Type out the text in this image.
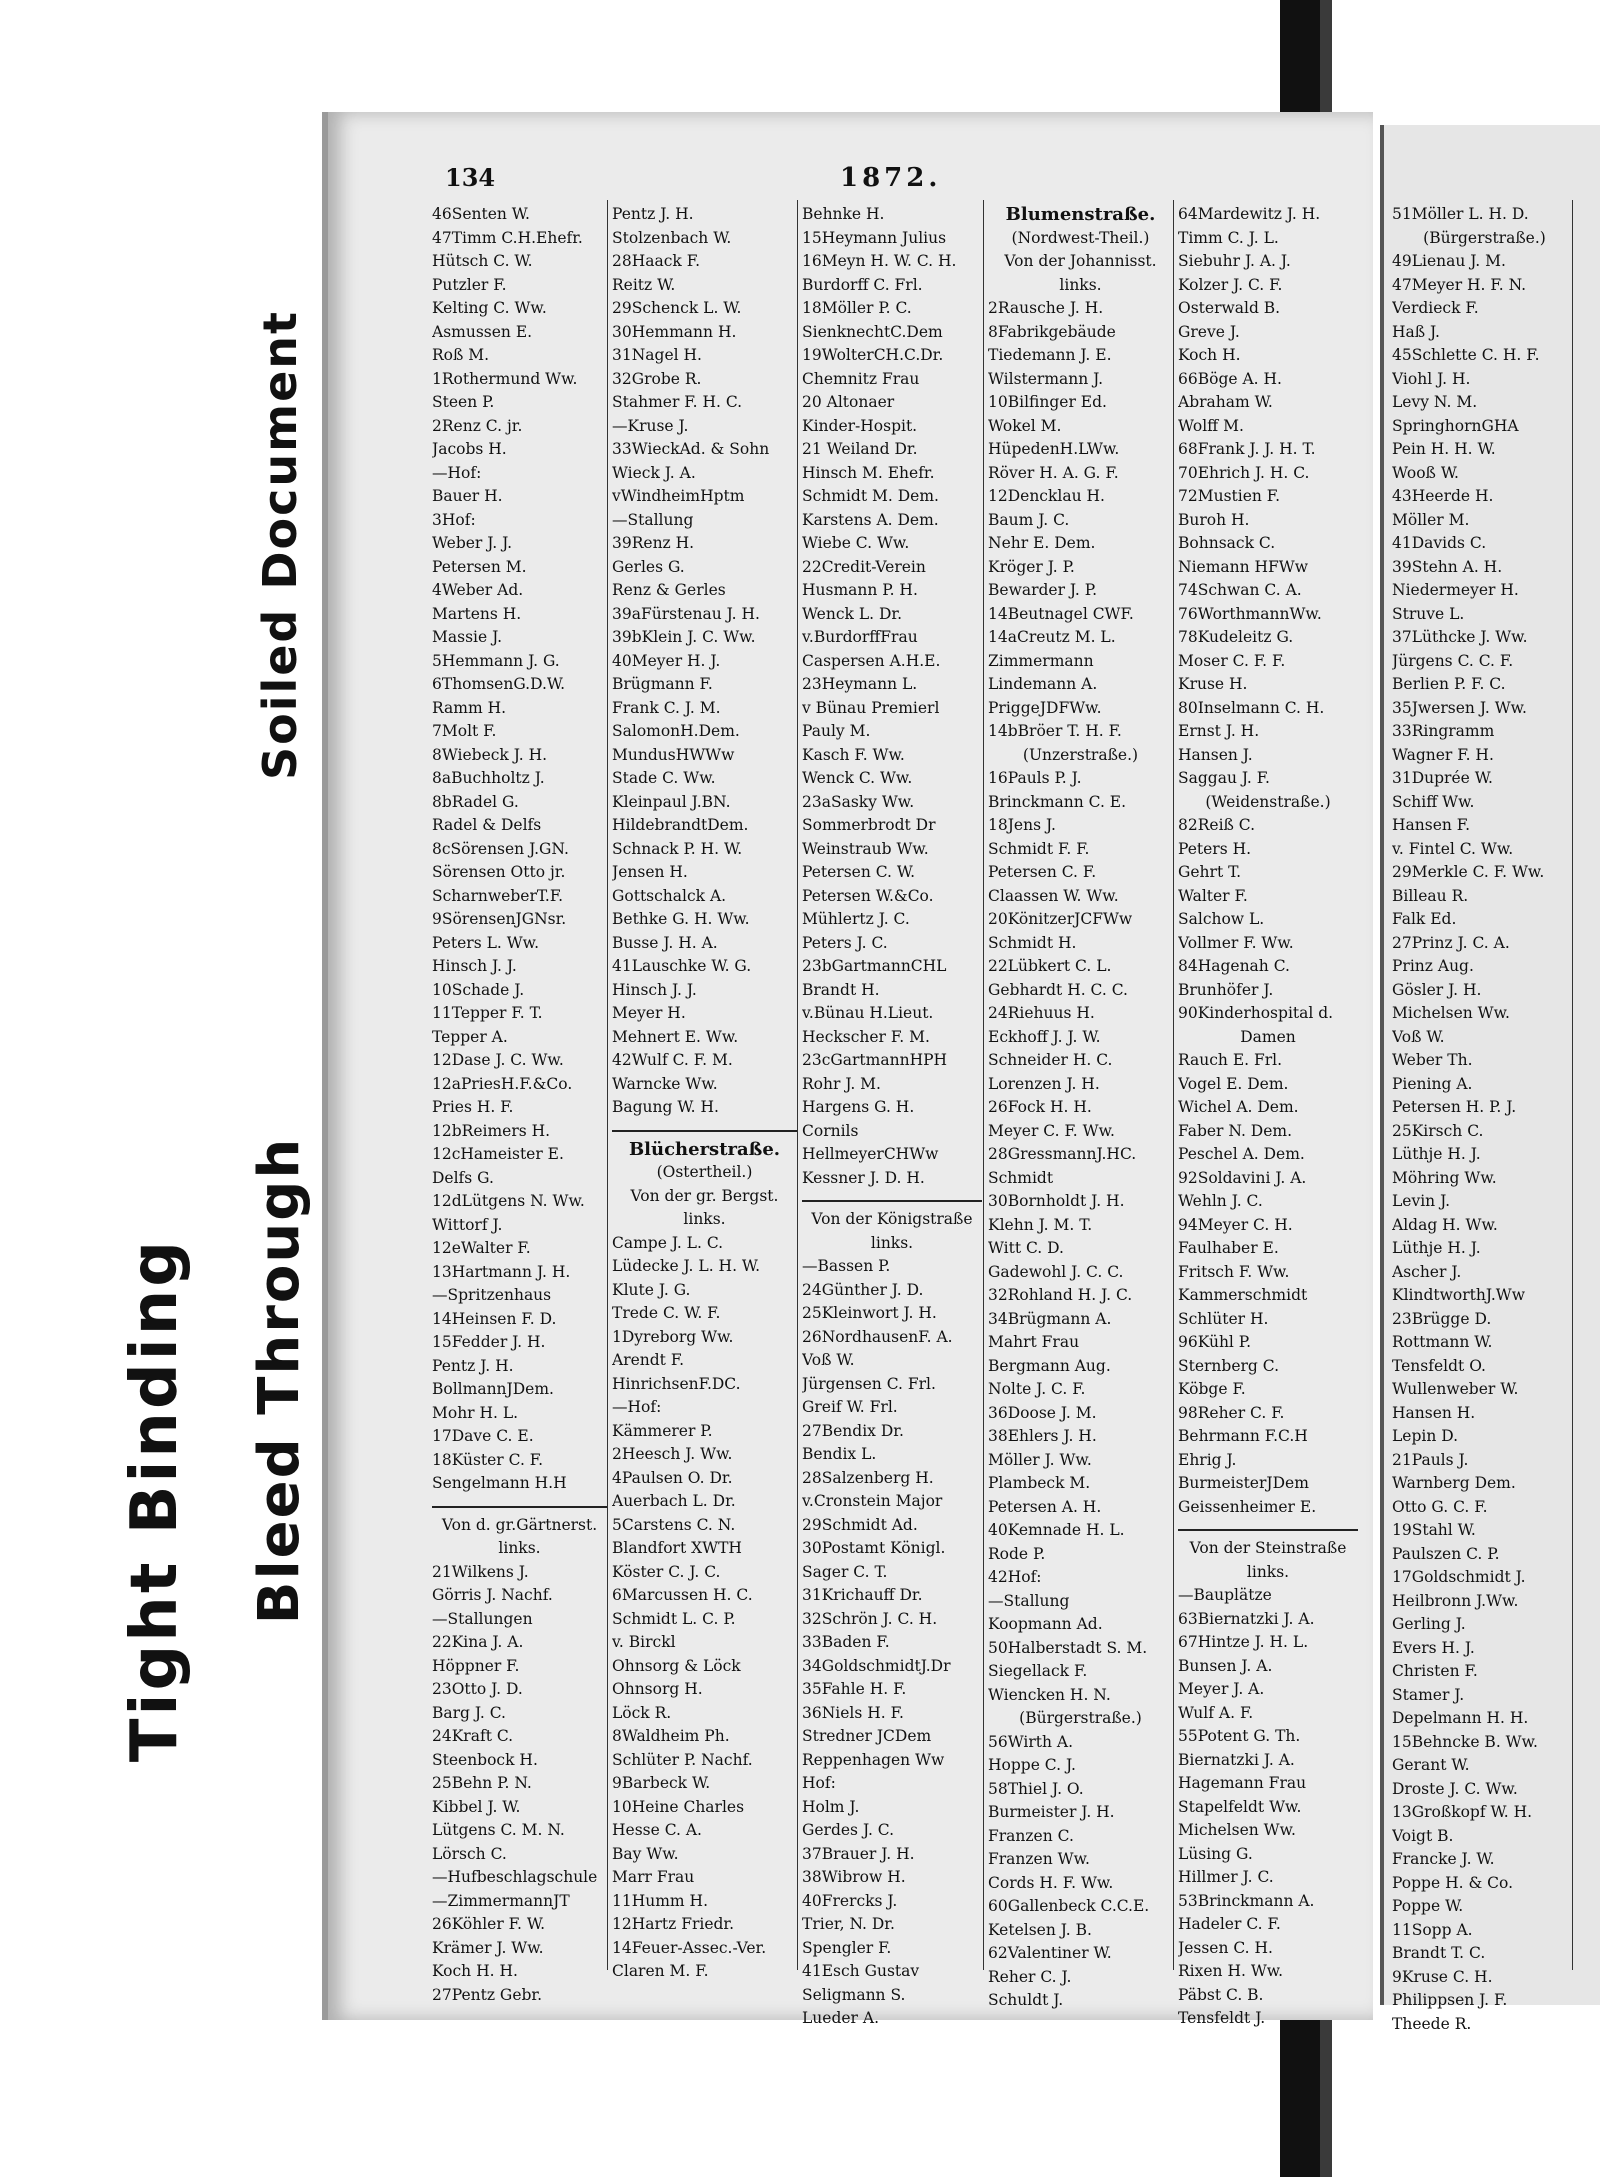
Soiled Document
Tight Binding Bleed Through
134	1872.
46Senten W.
47Timm C.H.Ehefr.
Hütsch C. W.
Putzler F.
Kelting C. Ww.
Asmussen E.
Roß M.
1Rothermund Ww.
Steen P.
2Renz C. jr.
Jacobs H.
—Hof:
Bauer H.
3Hof:
Weber J. J.
Petersen M.
4Weber Ad.
Martens H.
Massie J.
5Hemmann J. G.
6ThomsenG.D.W.
Ramm H.
7Molt F.
8Wiebeck J. H.
8aBuchholtz J.
8bRadel G.
Radel & Delfs
8cSörensen J.GN.
Sörensen Otto jr.
ScharnweberT.F.
9SörensenJGNsr.
Peters L. Ww.
Hinsch J. J.
10Schade J.
11Tepper F. T.
Tepper A.
12Dase J. C. Ww.
12aPriesH.F.&Co.
Pries H. F.
12bReimers H.
12cHameister E.
Delfs G.
12dLütgens N. Ww.
Wittorf J.
12eWalter F.
13Hartmann J. H.
—Spritzenhaus
14Heinsen F. D.
15Fedder J. H.
Pentz J. H.
BollmannJDem.
Mohr H. L.
17Dave C. E.
18Küster C. F.
Sengelmann H.H
Von d. gr.Gärtnerst.
links.
21Wilkens J.
Görris J. Nachf.
—Stallungen
22Kina J. A.
Höppner F.
23Otto J. D.
Barg J. C.
24Kraft C.
Steenbock H.
25Behn P. N.
Kibbel J. W.
Lütgens C. M. N.
Lörsch C.
—Hufbeschlagschule
—ZimmermannJT
26Köhler F. W.
Krämer J. Ww.
Koch H. H.
27Pentz Gebr.
Pentz J. H.
Stolzenbach W.
28Haack F.
Reitz W.
29Schenck L. W.
30Hemmann H.
31Nagel H.
32Grobe R.
Stahmer F. H. C.
—Kruse J.
33WieckAd. & Sohn
Wieck J. A.
vWindheimHptm
—Stallung
39Renz H.
Gerles G.
Renz & Gerles
39aFürstenau J. H.
39bKlein J. C. Ww.
40Meyer H. J.
Brügmann F.
Frank C. J. M.
SalomonH.Dem.
MundusHWWw
Stade C. Ww.
Kleinpaul J.BN.
HildebrandtDem.
Schnack P. H. W.
Jensen H.
Gottschalck A.
Bethke G. H. Ww.
Busse J. H. A.
41Lauschke W. G.
Hinsch J. J.
Meyer H.
Mehnert E. Ww.
42Wulf C. F. M.
Warncke Ww.
Bagung W. H.
Blücherstraße.
(Ostertheil.)
Von der gr. Bergst.
links.
Campe J. L. C.
Lüdecke J. L. H. W.
Klute J. G.
Trede C. W. F.
1Dyreborg Ww.
Arendt F.
HinrichsenF.DC.
—Hof:
Kämmerer P.
2Heesch J. Ww.
4Paulsen O. Dr.
Auerbach L. Dr.
5Carstens C. N.
Blandfort XWTH
Köster C. J. C.
6Marcussen H. C.
Schmidt L. C. P.
v. Birckl
Ohnsorg & Löck
Ohnsorg H.
Löck R.
8Waldheim Ph.
Schlüter P. Nachf.
9Barbeck W.
10Heine Charles
Hesse C. A.
Bay Ww.
Marr Frau
11Humm H.
12Hartz Friedr.
14Feuer-Assec.-Ver.
Claren M. F.
Behnke H.
15Heymann Julius
16Meyn H. W. C. H.
Burdorff C. Frl.
18Möller P. C.
SienknechtC.Dem
19WolterCH.C.Dr.
Chemnitz Frau
20 Altonaer
Kinder-Hospit.
21 Weiland Dr.
Hinsch M. Ehefr.
Schmidt M. Dem.
Karstens A. Dem.
Wiebe C. Ww.
22Credit-Verein
Husmann P. H.
Wenck L. Dr.
v.BurdorffFrau
Caspersen A.H.E.
23Heymann L.
v Bünau Premierl
Pauly M.
Kasch F. Ww.
Wenck C. Ww.
23aSasky Ww.
Sommerbrodt Dr
Weinstraub Ww.
Petersen C. W.
Petersen W.&Co.
Mühlertz J. C.
Peters J. C.
23bGartmannCHL
Brandt H.
v.Bünau H.Lieut.
Heckscher F. M.
23cGartmannHPH
Rohr J. M.
Hargens G. H.
Cornils
HellmeyerCHWw
Kessner J. D. H.
Von der Königstraße
links.
—Bassen P.
24Günther J. D.
25Kleinwort J. H.
26NordhausenF. A.
Voß W.
Jürgensen C. Frl.
Greif W. Frl.
27Bendix Dr.
Bendix L.
28Salzenberg H.
v.Cronstein Major
29Schmidt Ad.
30Postamt Königl.
Sager C. T.
31Krichauff Dr.
32Schrön J. C. H.
33Baden F.
34GoldschmidtJ.Dr
35Fahle H. F.
36Niels H. F.
Stredner JCDem
Reppenhagen Ww
Hof:
Holm J.
Gerdes J. C.
37Brauer J. H.
38Wibrow H.
40Frercks J.
Trier, N. Dr.
Spengler F.
41Esch Gustav
Seligmann S.
Lueder A.
Blumenstraße.
(Nordwest-Theil.)
Von der Johannisst.
links.
2Rausche J. H.
8Fabrikgebäude
Tiedemann J. E.
Wilstermann J.
10Bilfinger Ed.
Wokel M.
HüpedenH.LWw.
Röver H. A. G. F.
12Dencklau H.
Baum J. C.
Nehr E. Dem.
Kröger J. P.
Bewarder J. P.
14Beutnagel CWF.
14aCreutz M. L.
Zimmermann
Lindemann A.
PriggeJDFWw.
14bBröer T. H. F.
(Unzerstraße.)
16Pauls P. J.
Brinckmann C. E.
18Jens J.
Schmidt F. F.
Petersen C. F.
Claassen W. Ww.
20KönitzerJCFWw
Schmidt H.
22Lübkert C. L.
Gebhardt H. C. C.
24Riehuus H.
Eckhoff J. J. W.
Schneider H. C.
Lorenzen J. H.
26Fock H. H.
Meyer C. F. Ww.
28GressmannJ.HC.
Schmidt
30Bornholdt J. H.
Klehn J. M. T.
Witt C. D.
Gadewohl J. C. C.
32Rohland H. J. C.
34Brügmann A.
Mahrt Frau
Bergmann Aug.
Nolte J. C. F.
36Doose J. M.
38Ehlers J. H.
Möller J. Ww.
Plambeck M.
Petersen A. H.
40Kemnade H. L.
Rode P.
42Hof:
—Stallung
Koopmann Ad.
50Halberstadt S. M.
Siegellack F.
Wiencken H. N.
(Bürgerstraße.)
56Wirth A.
Hoppe C. J.
58Thiel J. O.
Burmeister J. H.
Franzen C.
Franzen Ww.
Cords H. F. Ww.
60Gallenbeck C.C.E.
Ketelsen J. B.
62Valentiner W.
Reher C. J.
Schuldt J.
64Mardewitz J. H.
Timm C. J. L.
Siebuhr J. A. J.
Kolzer J. C. F.
Osterwald B.
Greve J.
Koch H.
66Böge A. H.
Abraham W.
Wolff M.
68Frank J. J. H. T.
70Ehrich J. H. C.
72Mustien F.
Buroh H.
Bohnsack C.
Niemann HFWw
74Schwan C. A.
76WorthmannWw.
78Kudeleitz G.
Moser C. F. F.
Kruse H.
80Inselmann C. H.
Ernst J. H.
Hansen J.
Saggau J. F.
(Weidenstraße.)
82Reiß C.
Peters H.
Gehrt T.
Walter F.
Salchow L.
Vollmer F. Ww.
84Hagenah C.
Brunhöfer J.
90Kinderhospital d.
Damen
Rauch E. Frl.
Vogel E. Dem.
Wichel A. Dem.
Faber N. Dem.
Peschel A. Dem.
92Soldavini J. A.
Wehln J. C.
94Meyer C. H.
Faulhaber E.
Fritsch F. Ww.
Kammerschmidt
Schlüter H.
96Kühl P.
Sternberg C.
Köbge F.
98Reher C. F.
Behrmann F.C.H
Ehrig J.
BurmeisterJDem
Geissenheimer E.
Von der Steinstraße
links.
—Bauplätze
63Biernatzki J. A.
67Hintze J. H. L.
Bunsen J. A.
Meyer J. A.
Wulf A. F.
55Potent G. Th.
Biernatzki J. A.
Hagemann Frau
Stapelfeldt Ww.
Michelsen Ww.
Lüsing G.
Hillmer J. C.
53Brinckmann A.
Hadeler C. F.
Jessen C. H.
Rixen H. Ww.
Päbst C. B.
Tensfeldt J.
51Möller L. H. D.
(Bürgerstraße.)
49Lienau J. M.
47Meyer H. F. N.
Verdieck F.
Haß J.
45Schlette C. H. F.
Viohl J. H.
Levy N. M.
SpringhornGHA
Pein H. H. W.
Wooß W.
43Heerde H.
Möller M.
41Davids C.
39Stehn A. H.
Niedermeyer H.
Struve L.
37Lüthcke J. Ww.
Jürgens C. C. F.
Berlien P. F. C.
35Jwersen J. Ww.
33Ringramm
Wagner F. H.
31Duprée W.
Schiff Ww.
Hansen F.
v. Fintel C. Ww.
29Merkle C. F. Ww.
Billeau R.
Falk Ed.
27Prinz J. C. A.
Prinz Aug.
Gösler J. H.
Michelsen Ww.
Voß W.
Weber Th.
Piening A.
Petersen H. P. J.
25Kirsch C.
Lüthje H. J.
Möhring Ww.
Levin J.
Aldag H. Ww.
Lüthje H. J.
Ascher J.
KlindtworthJ.Ww
23Brügge D.
Rottmann W.
Tensfeldt O.
Wullenweber W.
Hansen H.
Lepin D.
21Pauls J.
Warnberg Dem.
Otto G. C. F.
19Stahl W.
Paulszen C. P.
17Goldschmidt J.
Heilbronn J.Ww.
Gerling J.
Evers H. J.
Christen F.
Stamer J.
Depelmann H. H.
15Behncke B. Ww.
Gerant W.
Droste J. C. Ww.
13Großkopf W. H.
Voigt B.
Francke J. W.
Poppe H. & Co.
Poppe W.
11Sopp A.
Brandt T. C.
9Kruse C. H.
Philippsen J. F.
Theede R.
